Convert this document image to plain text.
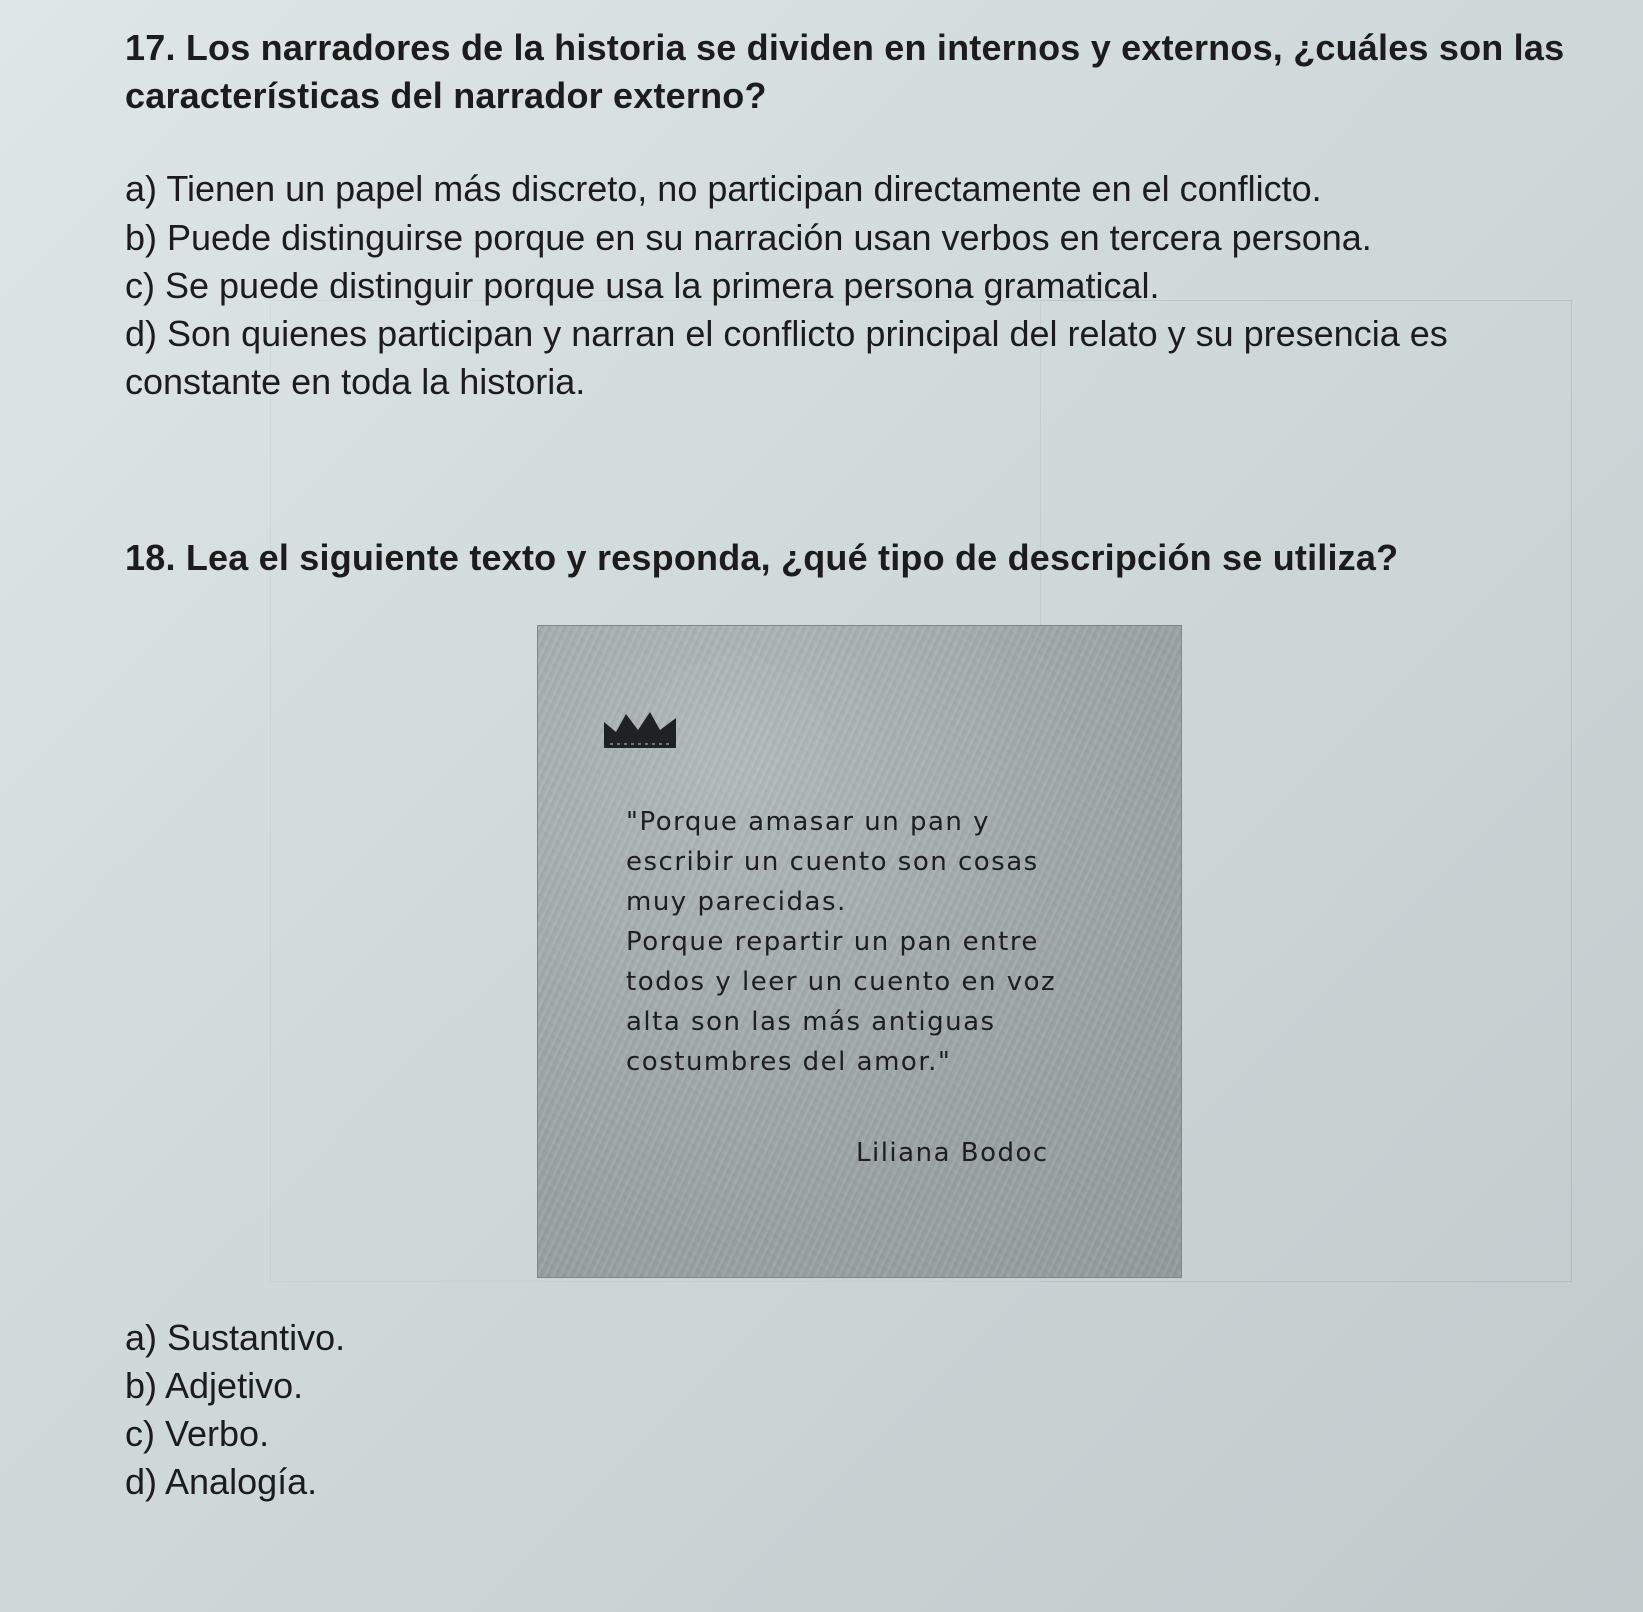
17. Los narradores de la historia se dividen en internos y externos, ¿cuáles son las características del narrador externo?
a) Tienen un papel más discreto, no participan directamente en el conflicto.
b) Puede distinguirse porque en su narración usan verbos en tercera persona.
c) Se puede distinguir porque usa la primera persona gramatical.
d) Son quienes participan y narran el conflicto principal del relato y su presencia es constante en toda la historia.
18. Lea el siguiente texto y responda, ¿qué tipo de descripción se utiliza?
"Porque amasar un pan y
escribir un cuento son cosas
muy parecidas.
Porque repartir un pan entre
todos y leer un cuento en voz
alta son las más antiguas
costumbres del amor."
Liliana Bodoc
a) Sustantivo.
b) Adjetivo.
c) Verbo.
d) Analogía.
